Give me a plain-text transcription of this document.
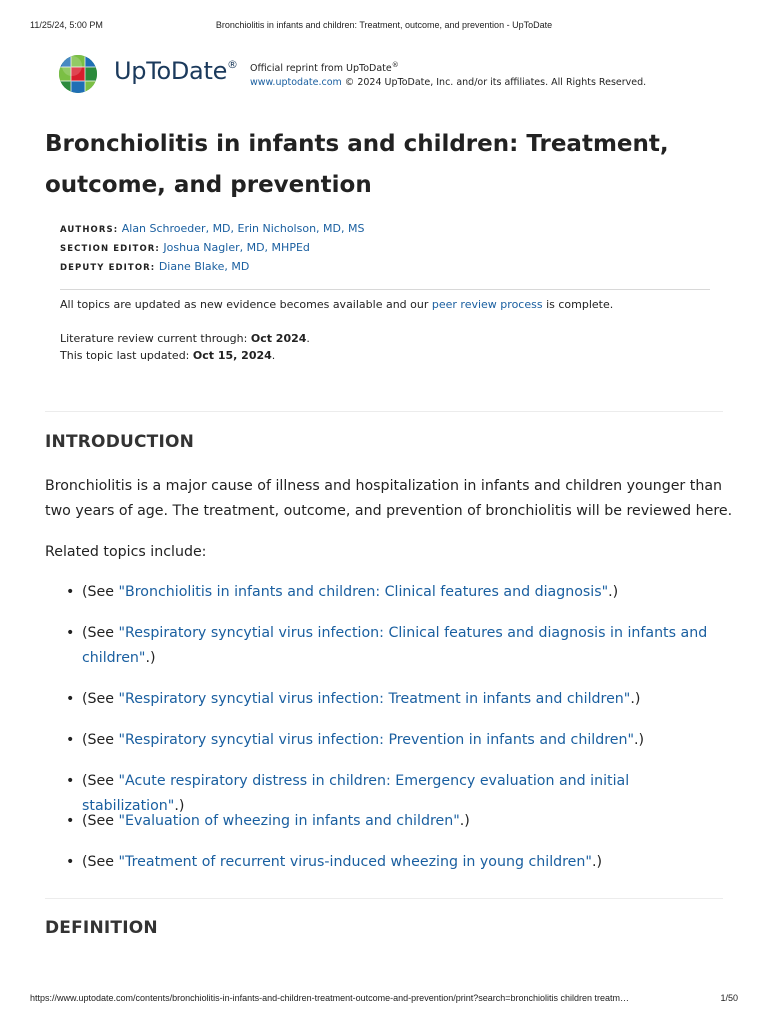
11/25/24, 5:00 PM	Bronchiolitis in infants and children: Treatment, outcome, and prevention - UpToDate
UpToDate® Official reprint from UpToDate®
www.uptodate.com © 2024 UpToDate, Inc. and/or its affiliates. All Rights Reserved.
Bronchiolitis in infants and children: Treatment, outcome, and prevention
AUTHORS: Alan Schroeder, MD, Erin Nicholson, MD, MS
SECTION EDITOR: Joshua Nagler, MD, MHPEd
DEPUTY EDITOR: Diane Blake, MD
All topics are updated as new evidence becomes available and our peer review process is complete.
Literature review current through: Oct 2024.
This topic last updated: Oct 15, 2024.
INTRODUCTION

Bronchiolitis is a major cause of illness and hospitalization in infants and children younger than two years of age. The treatment, outcome, and prevention of bronchiolitis will be reviewed here.

Related topics include:

• (See "Bronchiolitis in infants and children: Clinical features and diagnosis".)
• (See "Respiratory syncytial virus infection: Clinical features and diagnosis in infants and children".)
• (See "Respiratory syncytial virus infection: Treatment in infants and children".)
• (See "Respiratory syncytial virus infection: Prevention in infants and children".)
• (See "Acute respiratory distress in children: Emergency evaluation and initial stabilization".)
• (See "Evaluation of wheezing in infants and children".)
• (See "Treatment of recurrent virus-induced wheezing in young children".)
DEFINITION
https://www.uptodate.com/contents/bronchiolitis-in-infants-and-children-treatment-outcome-and-prevention/print?search=bronchiolitis children treatm…	1/50
